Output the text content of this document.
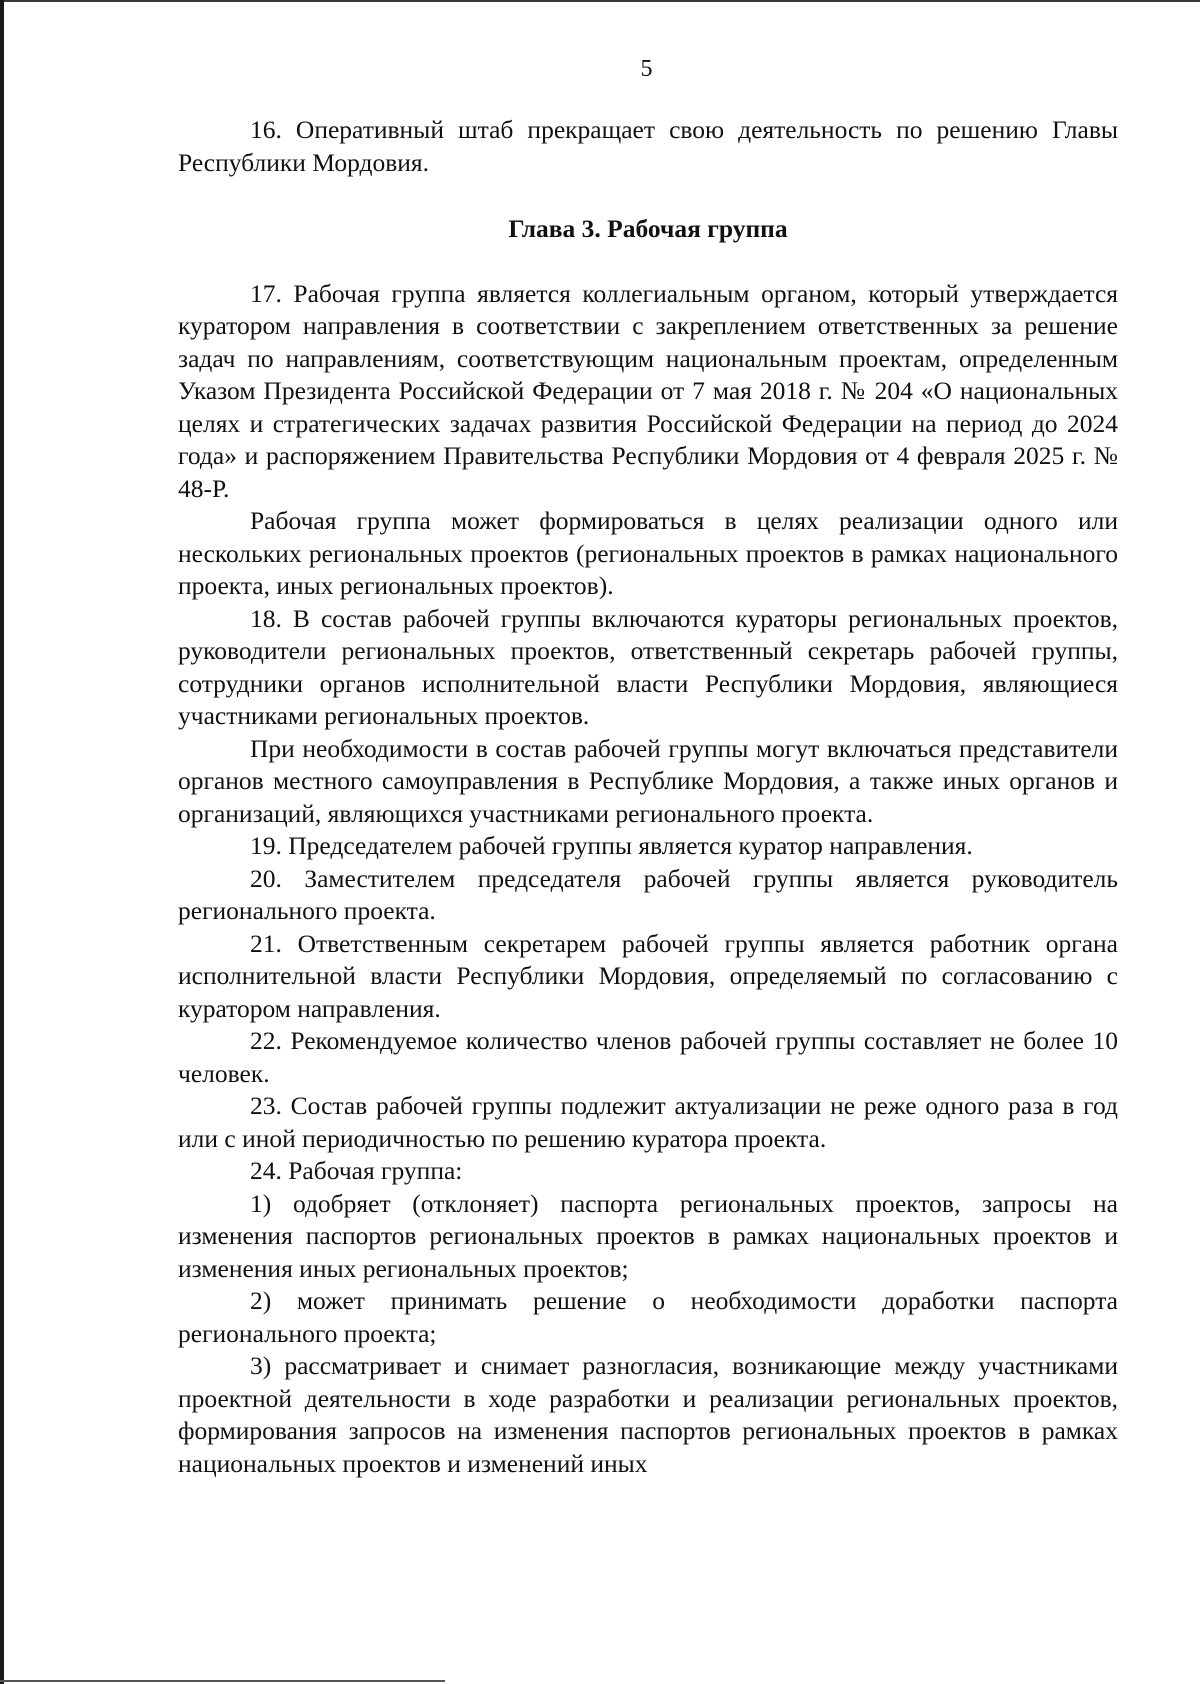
5

16. Оперативный штаб прекращает свою деятельность по решению Главы Республики Мордовия.

Глава 3. Рабочая группа

17. Рабочая группа является коллегиальным органом, который утверждается куратором направления в соответствии с закреплением ответственных за решение задач по направлениям, соответствующим национальным проектам, определенным Указом Президента Российской Федерации от 7 мая 2018 г. № 204 «О национальных целях и стратегических задачах развития Российской Федерации на период до 2024 года» и распоряжением Правительства Республики Мордовия от 4 февраля 2025 г. № 48-Р.

Рабочая группа может формироваться в целях реализации одного или нескольких региональных проектов (региональных проектов в рамках национального проекта, иных региональных проектов).

18. В состав рабочей группы включаются кураторы региональных проектов, руководители региональных проектов, ответственный секретарь рабочей группы, сотрудники органов исполнительной власти Республики Мордовия, являющиеся участниками региональных проектов.

При необходимости в состав рабочей группы могут включаться представители органов местного самоуправления в Республике Мордовия, а также иных органов и организаций, являющихся участниками регионального проекта.

19. Председателем рабочей группы является куратор направления.

20. Заместителем председателя рабочей группы является руководитель регионального проекта.

21. Ответственным секретарем рабочей группы является работник органа исполнительной власти Республики Мордовия, определяемый по согласованию с куратором направления.

22. Рекомендуемое количество членов рабочей группы составляет не более 10 человек.

23. Состав рабочей группы подлежит актуализации не реже одного раза в год или с иной периодичностью по решению куратора проекта.

24. Рабочая группа:

1) одобряет (отклоняет) паспорта региональных проектов, запросы на изменения паспортов региональных проектов в рамках национальных проектов и изменения иных региональных проектов;

2) может принимать решение о необходимости доработки паспорта регионального проекта;

3) рассматривает и снимает разногласия, возникающие между участниками проектной деятельности в ходе разработки и реализации региональных проектов, формирования запросов на изменения паспортов региональных проектов в рамках национальных проектов и изменений иных
